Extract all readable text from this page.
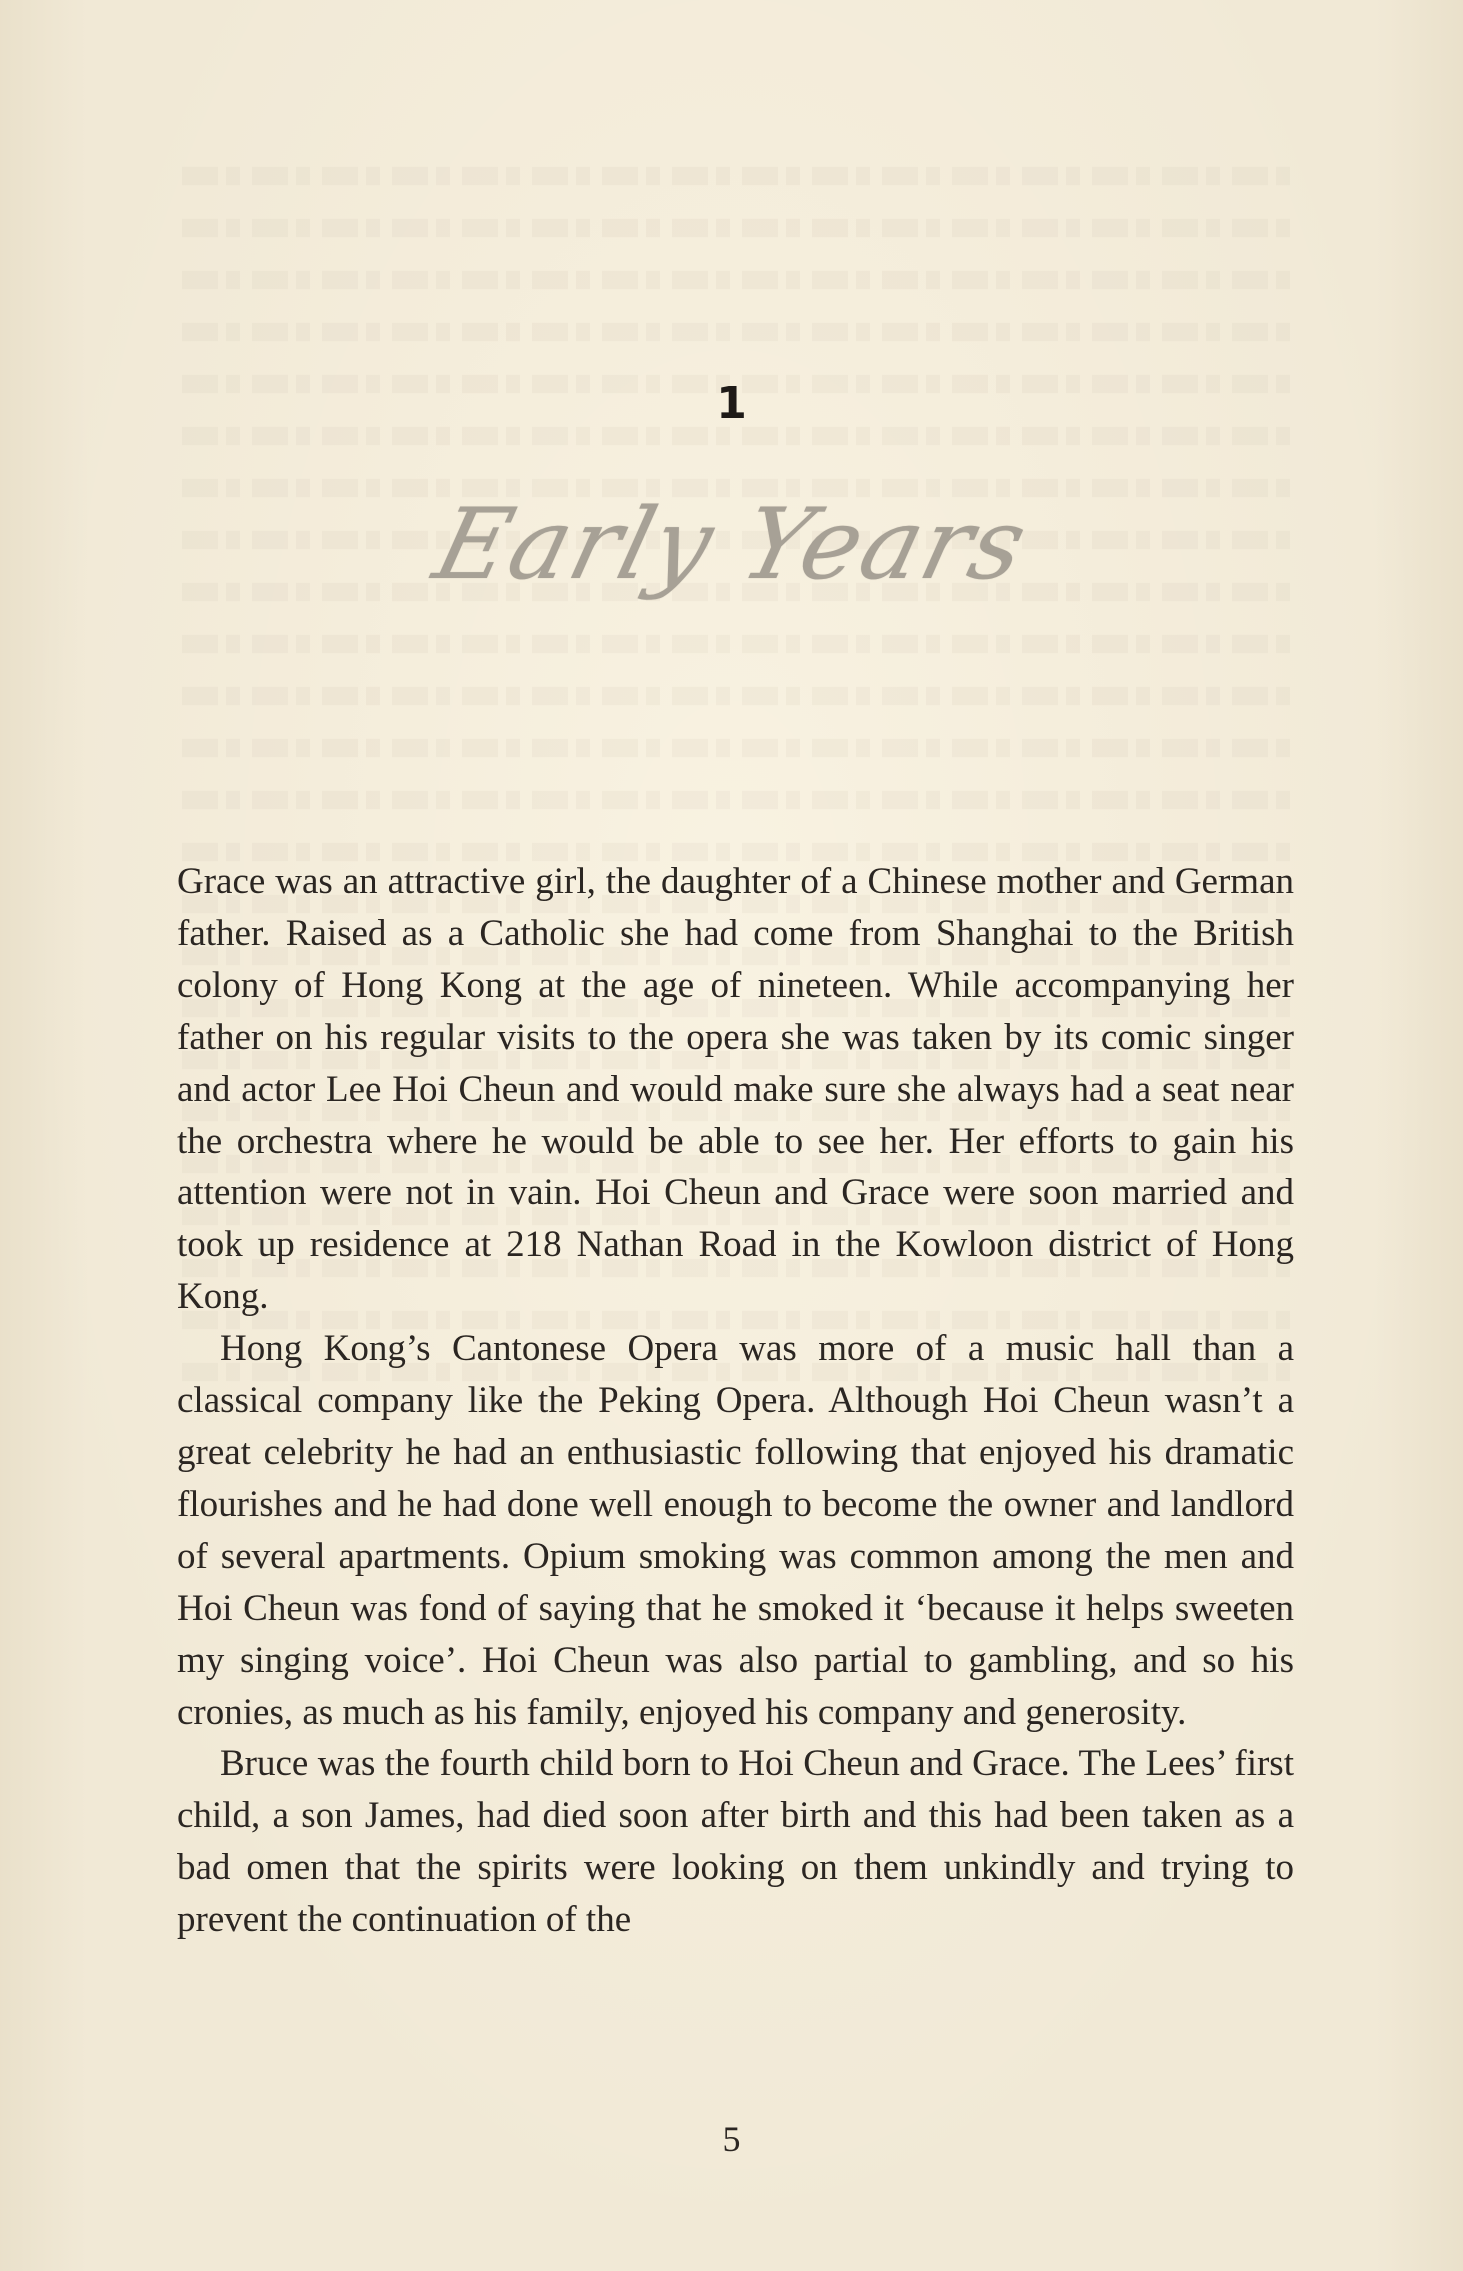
1
Early Years

Grace was an attractive girl, the daughter of a Chinese mother and German father. Raised as a Catholic she had come from Shanghai to the British colony of Hong Kong at the age of nineteen. While accompanying her father on his regular visits to the opera she was taken by its comic singer and actor Lee Hoi Cheun and would make sure she always had a seat near the orchestra where he would be able to see her. Her efforts to gain his attention were not in vain. Hoi Cheun and Grace were soon married and took up residence at 218 Nathan Road in the Kowloon district of Hong Kong.

Hong Kong’s Cantonese Opera was more of a music hall than a classical company like the Peking Opera. Although Hoi Cheun wasn’t a great celebrity he had an enthusiastic following that enjoyed his dramatic flourishes and he had done well enough to become the owner and landlord of several apartments. Opium smoking was common among the men and Hoi Cheun was fond of saying that he smoked it ‘because it helps sweeten my singing voice’. Hoi Cheun was also partial to gambling, and so his cronies, as much as his family, enjoyed his company and generosity.

Bruce was the fourth child born to Hoi Cheun and Grace. The Lees’ first child, a son James, had died soon after birth and this had been taken as a bad omen that the spirits were looking on them unkindly and trying to prevent the continuation of the

5
